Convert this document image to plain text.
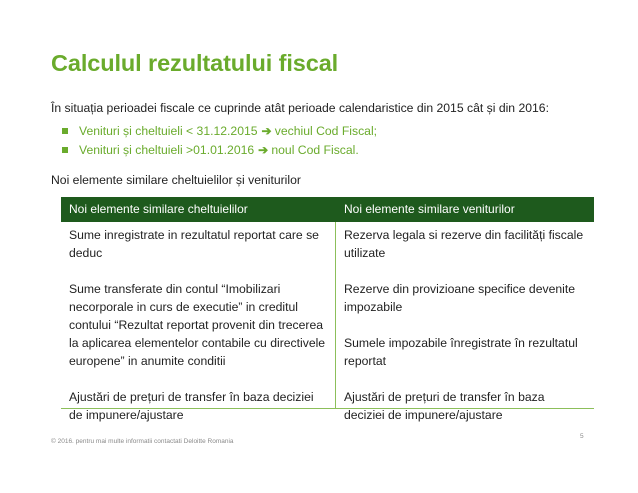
Calculul rezultatului fiscal

În situația perioadei fiscale ce cuprinde atât perioade calendaristice din 2015 cât și din 2016:

Venituri și cheltuieli < 31.12.2015 ➔ vechiul Cod Fiscal;
Venituri și cheltuieli >01.01.2016 ➔ noul Cod Fiscal.

Noi elemente similare cheltuielilor și veniturilor

Noi elemente similare cheltuielilor	Noi elemente similare veniturilor
Sume inregistrate in rezultatul reportat care se deduc
Sume transferate din contul “Imobilizari necorporale in curs de executie” in creditul contului “Rezultat reportat provenit din trecerea la aplicarea elementelor contabile cu directivele europene” in anumite conditii
Ajustări de prețuri de transfer în baza deciziei de impunere/ajustare
Rezerva legala si rezerve din facilități fiscale utilizate
Rezerve din provizioane specifice devenite impozabile
Sumele impozabile înregistrate în rezultatul reportat
Ajustări de prețuri de transfer în baza deciziei de impunere/ajustare
© 2016. pentru mai multe informatii contactati Deloitte Romania
5
